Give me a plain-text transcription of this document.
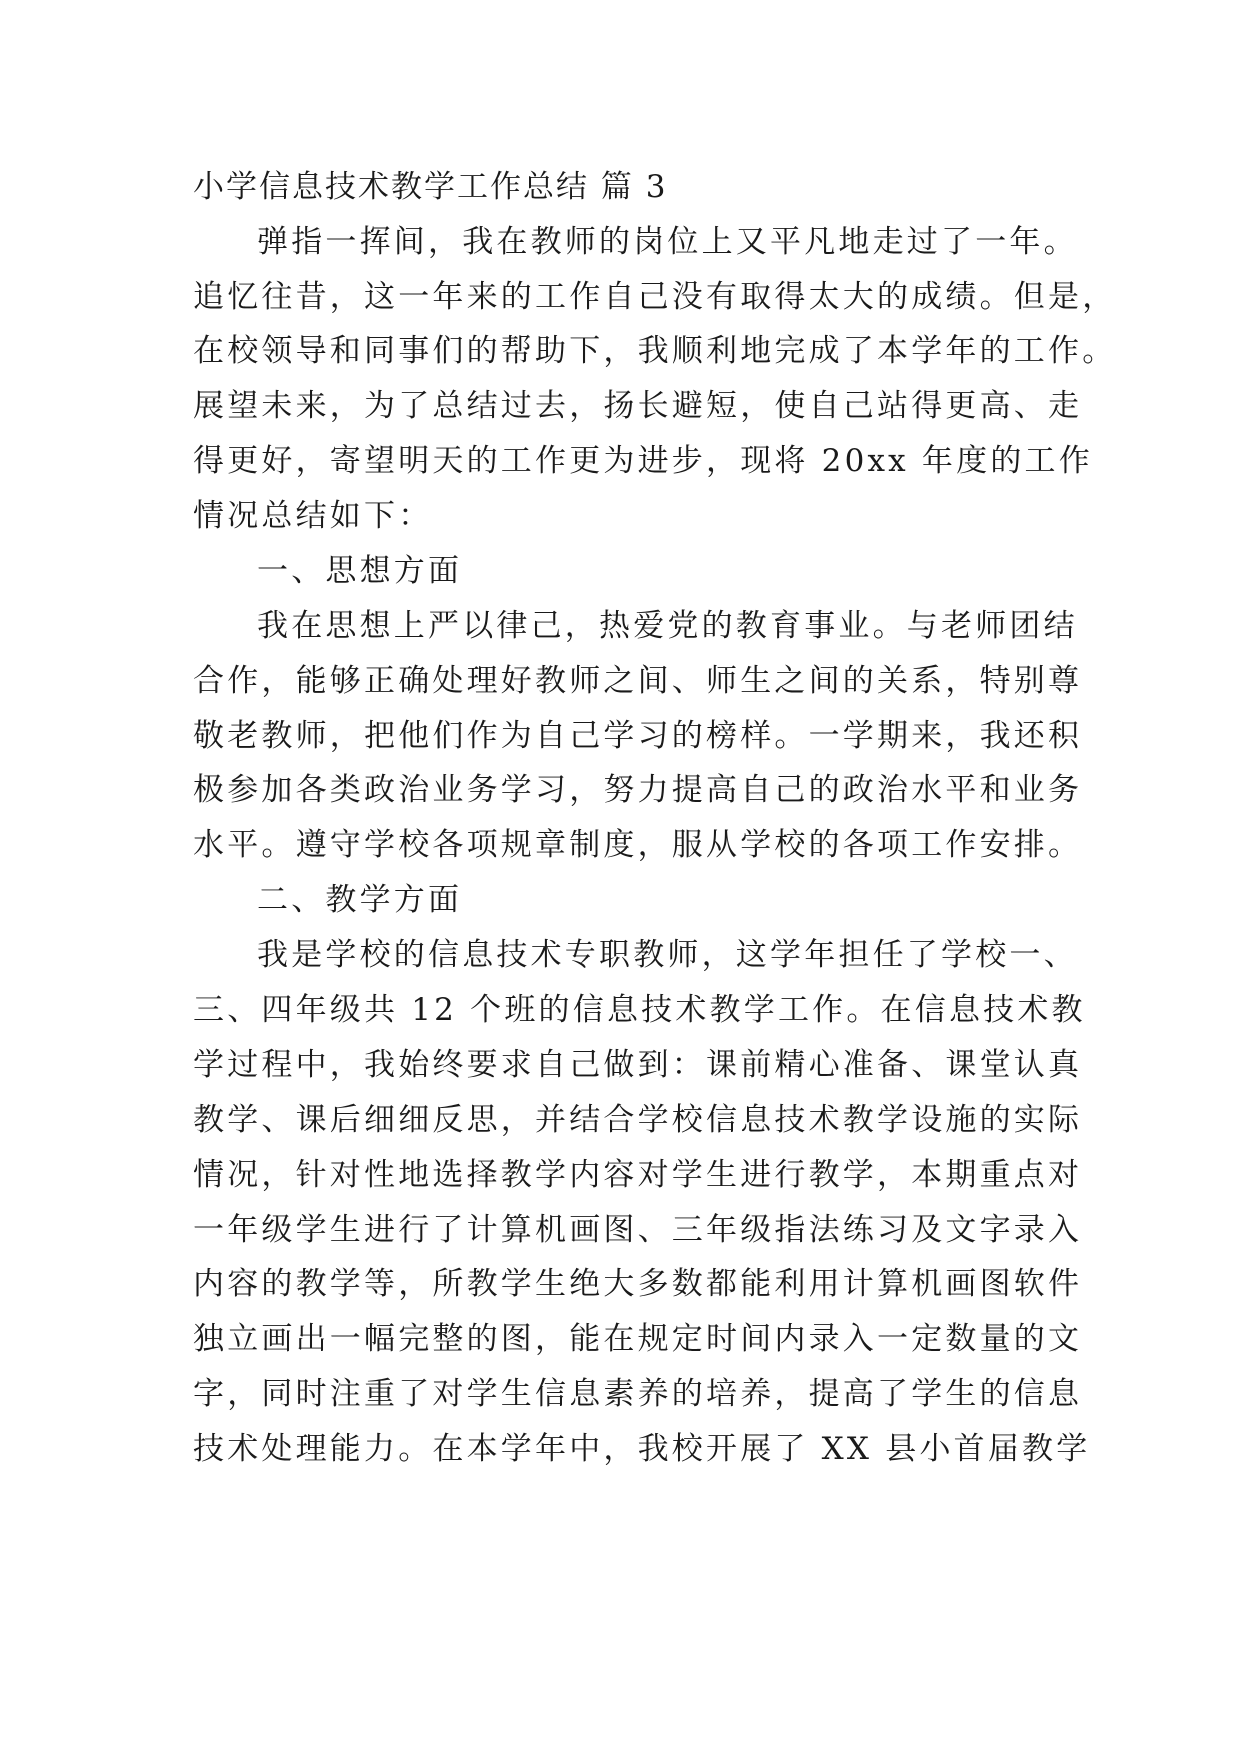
小学信息技术教学工作总结 篇 3
弹指一挥间，我在教师的岗位上又平凡地走过了一年。
追忆往昔，这一年来的工作自己没有取得太大的成绩。但是，
在校领导和同事们的帮助下，我顺利地完成了本学年的工作。
展望未来，为了总结过去，扬长避短，使自己站得更高、走
得更好，寄望明天的工作更为进步，现将 20xx 年度的工作
情况总结如下：
一、思想方面
我在思想上严以律己，热爱党的教育事业。与老师团结
合作，能够正确处理好教师之间、师生之间的关系，特别尊
敬老教师，把他们作为自己学习的榜样。一学期来，我还积
极参加各类政治业务学习，努力提高自己的政治水平和业务
水平。遵守学校各项规章制度，服从学校的各项工作安排。
二、教学方面
我是学校的信息技术专职教师，这学年担任了学校一、
三、四年级共 12 个班的信息技术教学工作。在信息技术教
学过程中，我始终要求自己做到：课前精心准备、课堂认真
教学、课后细细反思，并结合学校信息技术教学设施的实际
情况，针对性地选择教学内容对学生进行教学，本期重点对
一年级学生进行了计算机画图、三年级指法练习及文字录入
内容的教学等，所教学生绝大多数都能利用计算机画图软件
独立画出一幅完整的图，能在规定时间内录入一定数量的文
字，同时注重了对学生信息素养的培养，提高了学生的信息
技术处理能力。在本学年中，我校开展了 XX 县小首届教学
